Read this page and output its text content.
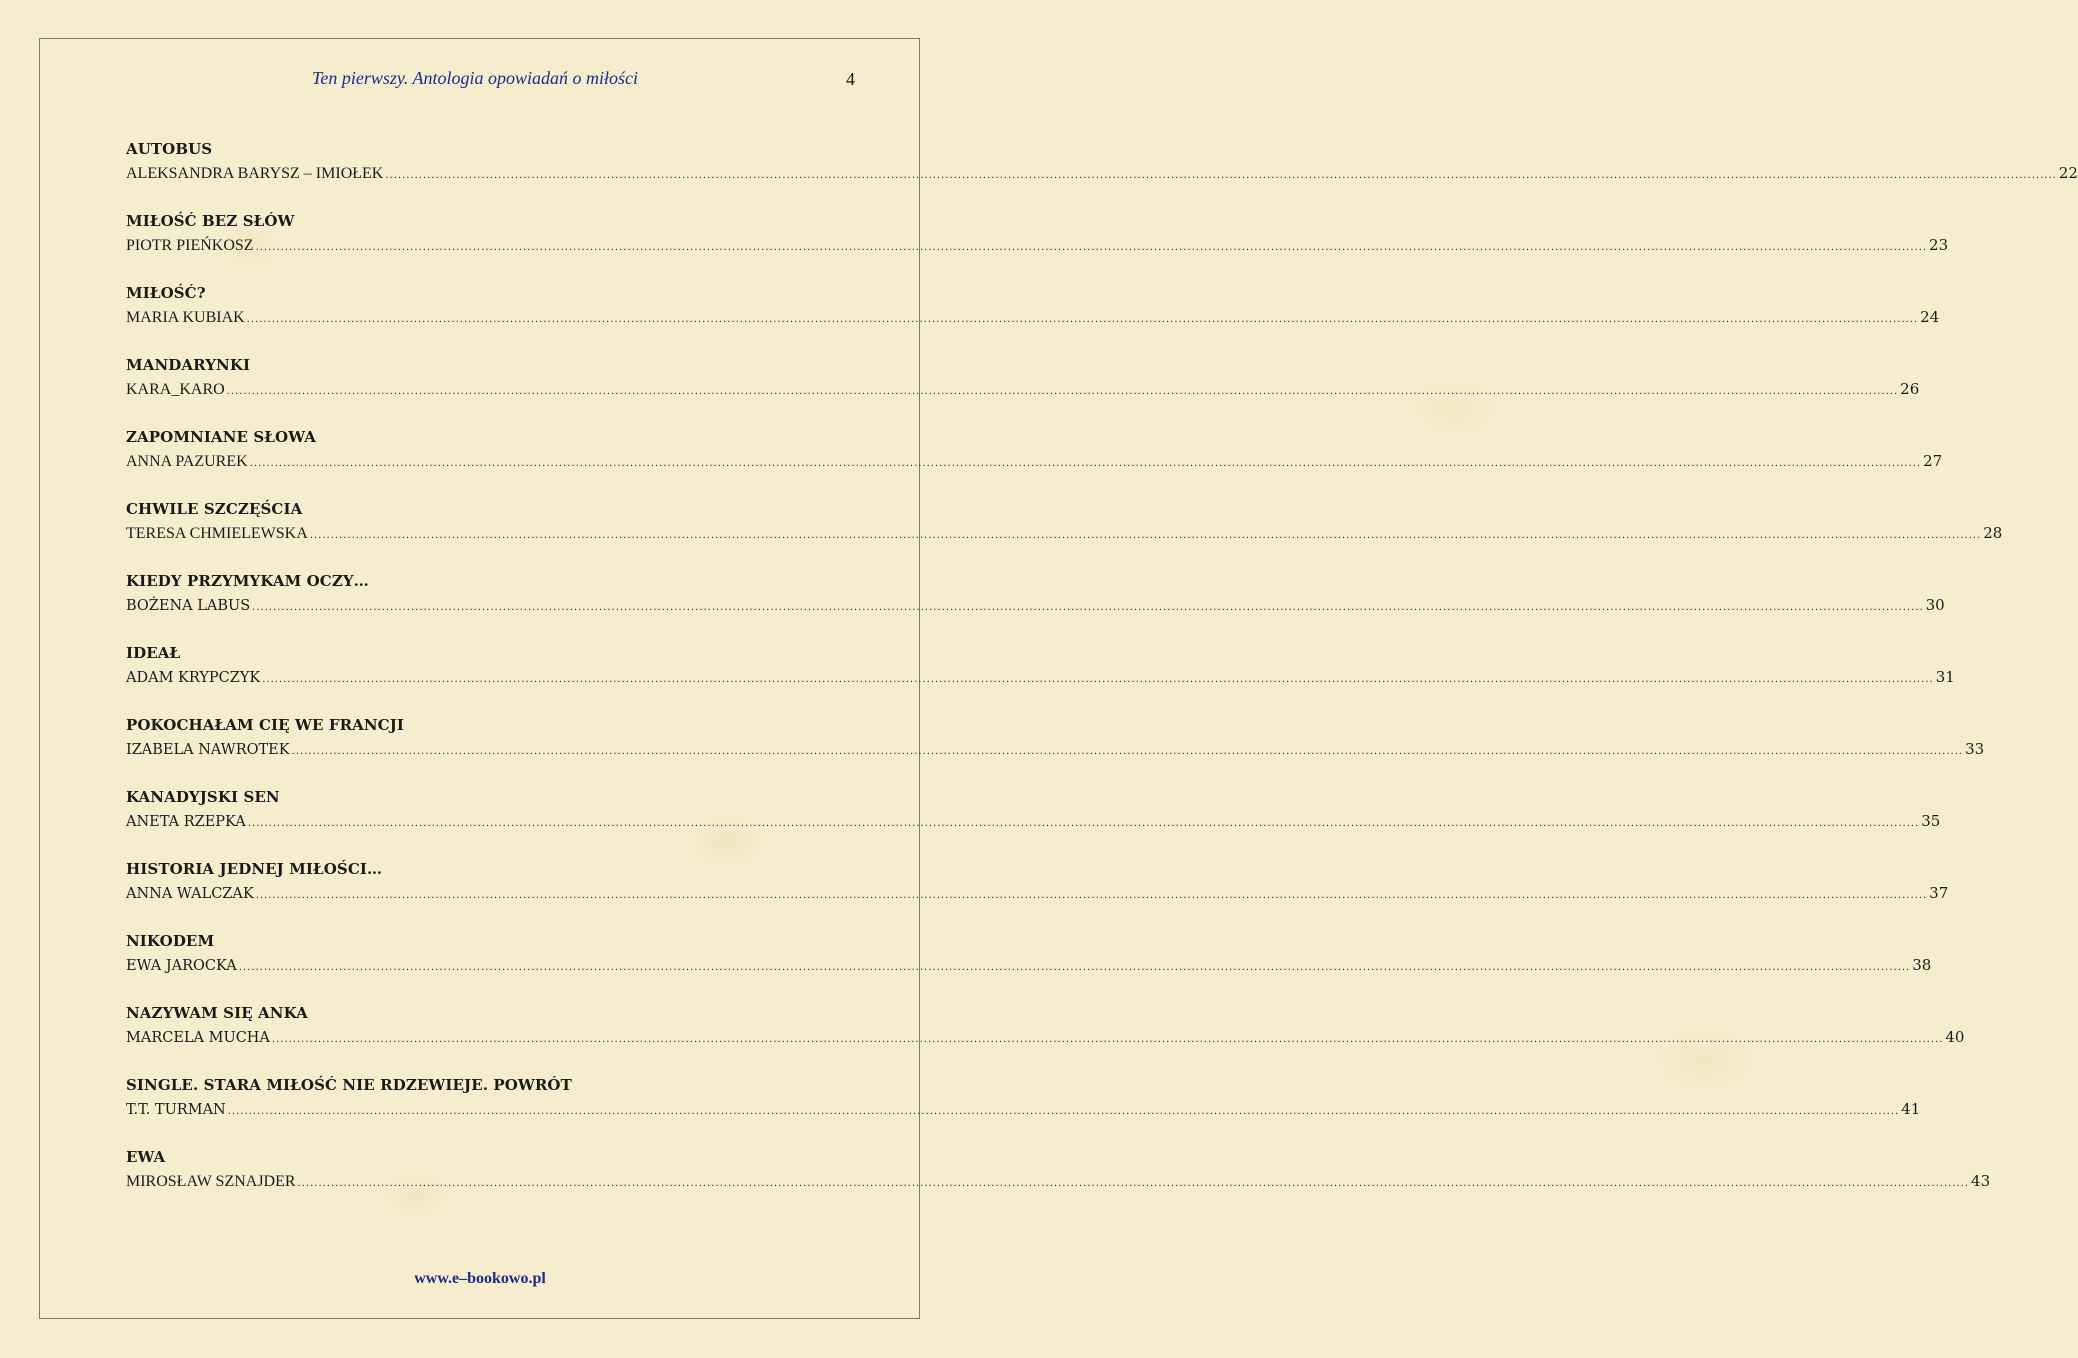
Ten pierwszy. Antologia opowiadań o miłości	4
AUTOBUS
ALEKSANDRA BARYSZ – IMIOŁEK ................................................................................................................................................................................................................................................................................................................................................................................................................ 22
MIŁOŚĆ BEZ SŁÓW
PIOTR PIEŃKOSZ ................................................................................................................................................................................................................................................................................................................................................................................................................ 23
MIŁOŚĆ?
MARIA KUBIAK ................................................................................................................................................................................................................................................................................................................................................................................................................ 24
MANDARYNKI
KARA_KARO ................................................................................................................................................................................................................................................................................................................................................................................................................ 26
ZAPOMNIANE SŁOWA
ANNA PAZUREK ................................................................................................................................................................................................................................................................................................................................................................................................................ 27
CHWILE SZCZĘŚCIA
TERESA CHMIELEWSKA ................................................................................................................................................................................................................................................................................................................................................................................................................ 28
KIEDY PRZYMYKAM OCZY…
BOŻENA LABUS ................................................................................................................................................................................................................................................................................................................................................................................................................ 30
IDEAŁ
ADAM KRYPCZYK ................................................................................................................................................................................................................................................................................................................................................................................................................ 31
POKOCHAŁAM CIĘ WE FRANCJI
IZABELA NAWROTEK ................................................................................................................................................................................................................................................................................................................................................................................................................ 33
KANADYJSKI SEN
ANETA RZEPKA ................................................................................................................................................................................................................................................................................................................................................................................................................ 35
HISTORIA JEDNEJ MIŁOŚCI…
ANNA WALCZAK ................................................................................................................................................................................................................................................................................................................................................................................................................ 37
NIKODEM
EWA JAROCKA ................................................................................................................................................................................................................................................................................................................................................................................................................ 38
NAZYWAM SIĘ ANKA
MARCELA MUCHA ................................................................................................................................................................................................................................................................................................................................................................................................................ 40
SINGLE. STARA MIŁOŚĆ NIE RDZEWIEJE. POWRÓT
T.T. TURMAN ................................................................................................................................................................................................................................................................................................................................................................................................................ 41
EWA
MIROSŁAW SZNAJDER ................................................................................................................................................................................................................................................................................................................................................................................................................ 43
www.e–bookowo.pl
